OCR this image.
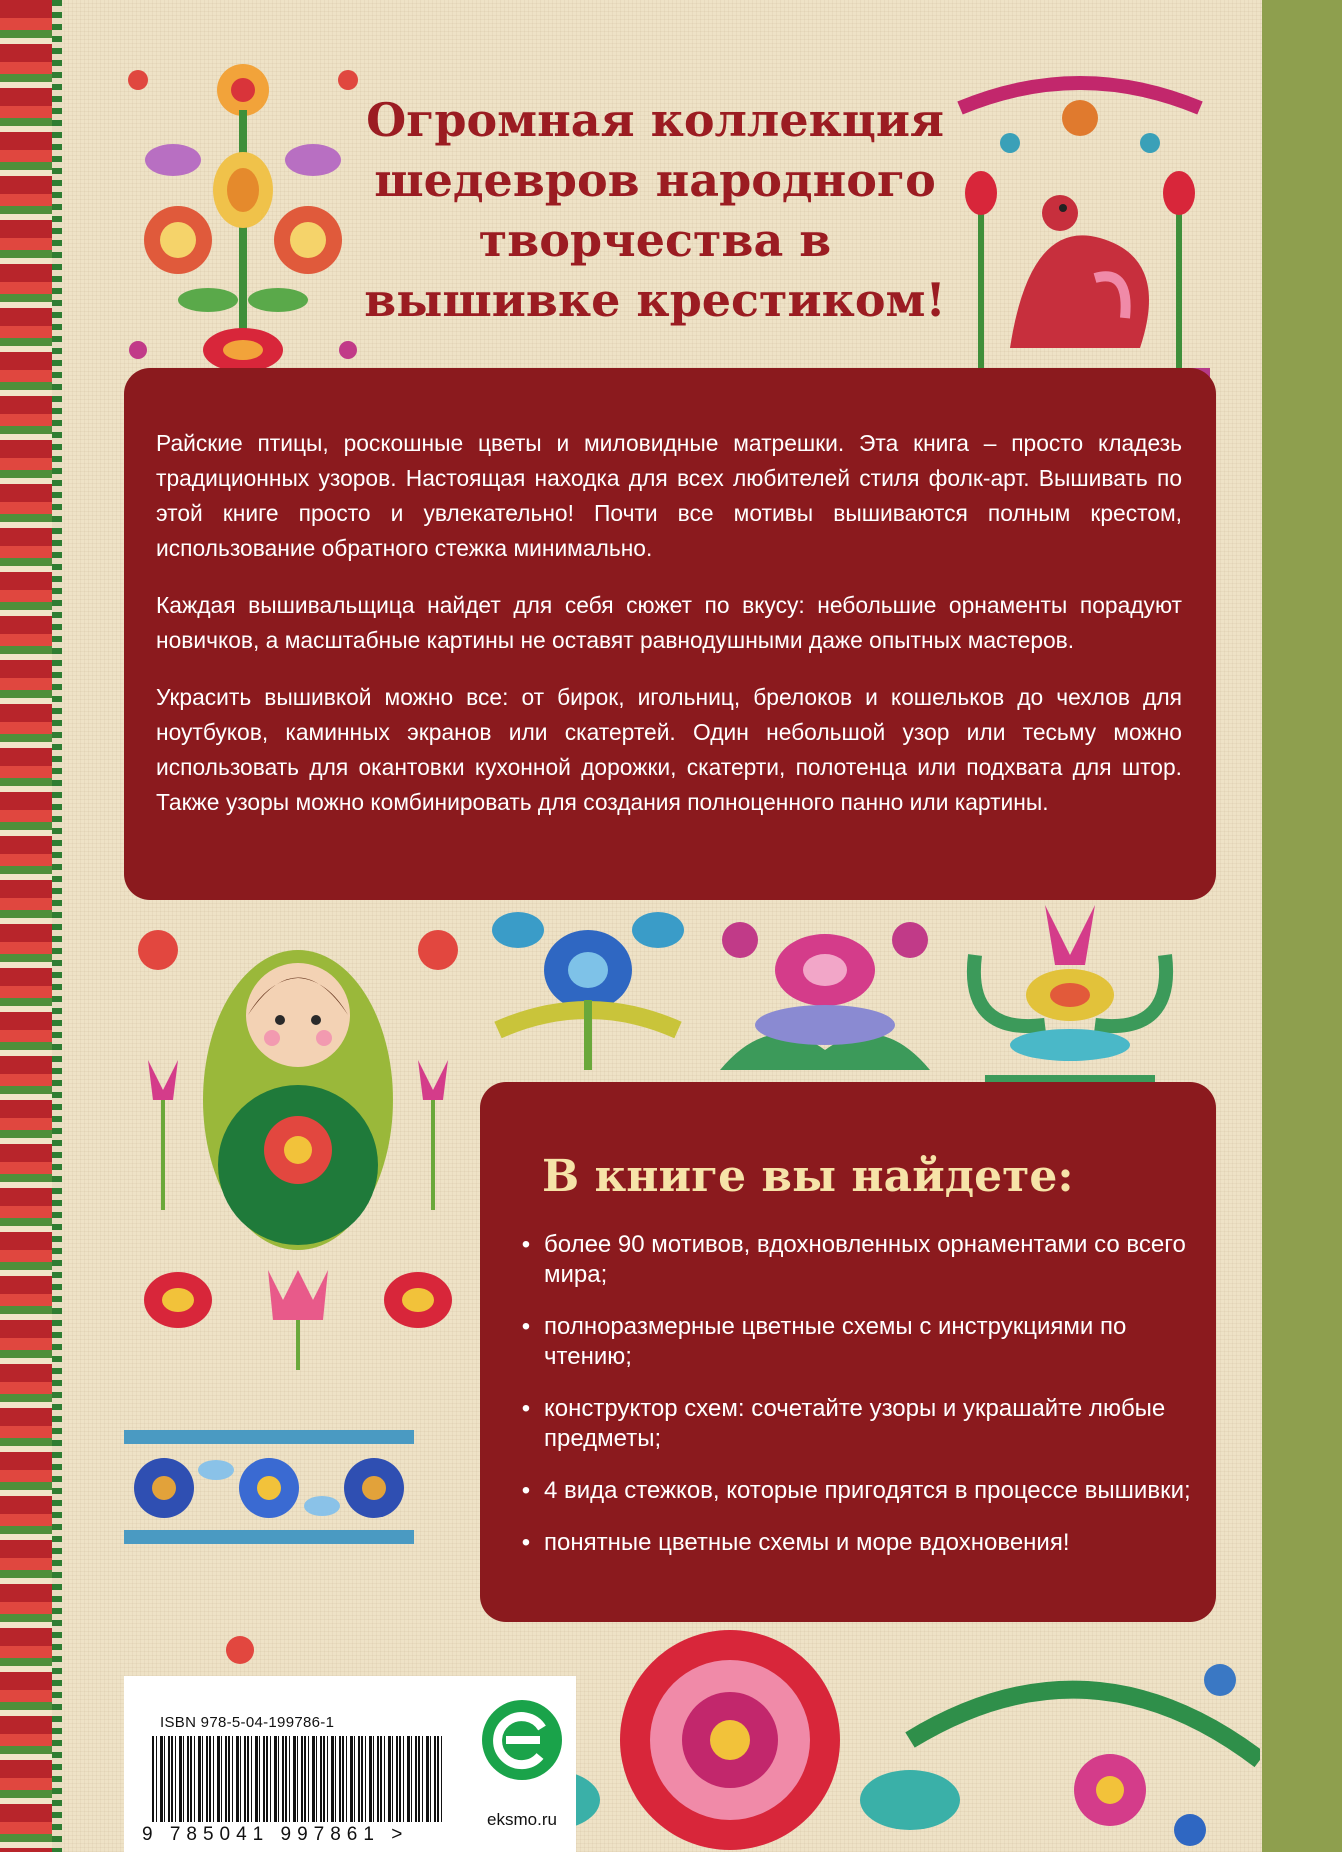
Огромная коллекция шедевров народного творчества в вышивке крестиком!

Райские птицы, роскошные цветы и миловидные матрешки. Эта книга – просто кладезь традиционных узоров. Настоящая находка для всех любителей стиля фолк-арт. Вышивать по этой книге просто и увлекательно! Почти все мотивы вышиваются полным крестом, использование обратного стежка минимально.

Каждая вышивальщица найдет для себя сюжет по вкусу: небольшие орнаменты порадуют новичков, а масштабные картины не оставят равнодушными даже опытных мастеров.

Украсить вышивкой можно все: от бирок, игольниц, брелоков и кошельков до чехлов для ноутбуков, каминных экранов или скатертей. Один небольшой узор или тесьму можно использовать для окантовки кухонной дорожки, скатерти, полотенца или подхвата для штор. Также узоры можно комбинировать для создания полноценного панно или картины.

В книге вы найдете:
• более 90 мотивов, вдохновленных орнаментами со всего мира;
• полноразмерные цветные схемы с инструкциями по чтению;
• конструктор схем: сочетайте узоры и украшайте любые предметы;
• 4 вида стежков, которые пригодятся в процессе вышивки;
• понятные цветные схемы и море вдохновения!
ISBN 978-5-04-199786-1
9 785041 997861 >
eksmo.ru
